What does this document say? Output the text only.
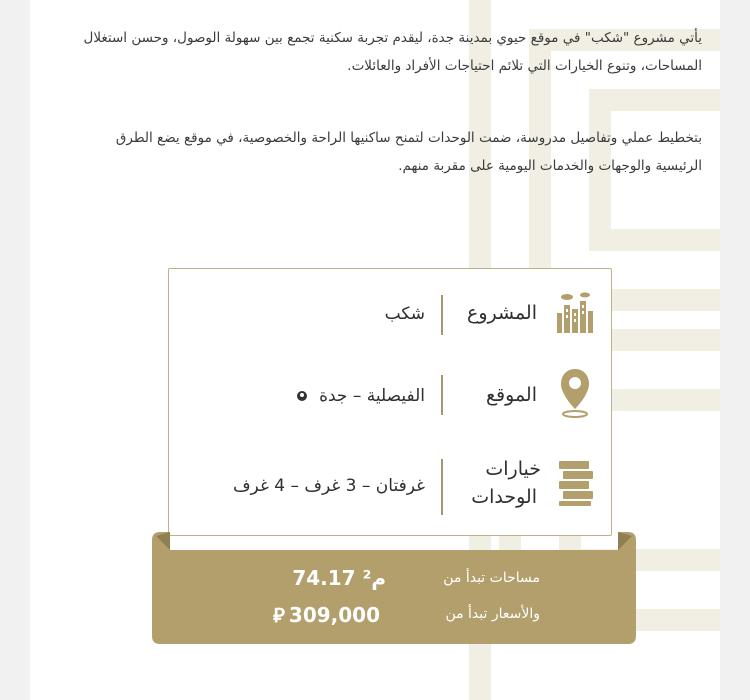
يأتي مشروع "شكب" في موقع حيوي بمدينة جدة، ليقدم تجربة سكنية تجمع بين سهولة الوصول، وحسن استغلال المساحات، وتنوع الخيارات التي تلائم احتياجات الأفراد والعائلات.

بتخطيط عملي وتفاصيل مدروسة، ضمت الوحدات لتمنح ساكنيها الراحة والخصوصية، في موقع يضع الطرق الرئيسية والوجهات والخدمات اليومية على مقربة منهم.

المشروع
شكب
الموقع
الفيصلية – جدة
خيارات
الوحدات
غرفتان – 3 غرف – 4 غرف
مساحات تبدأ من
74.17 م²
والأسعار تبدأ من
⃁ 309,000
